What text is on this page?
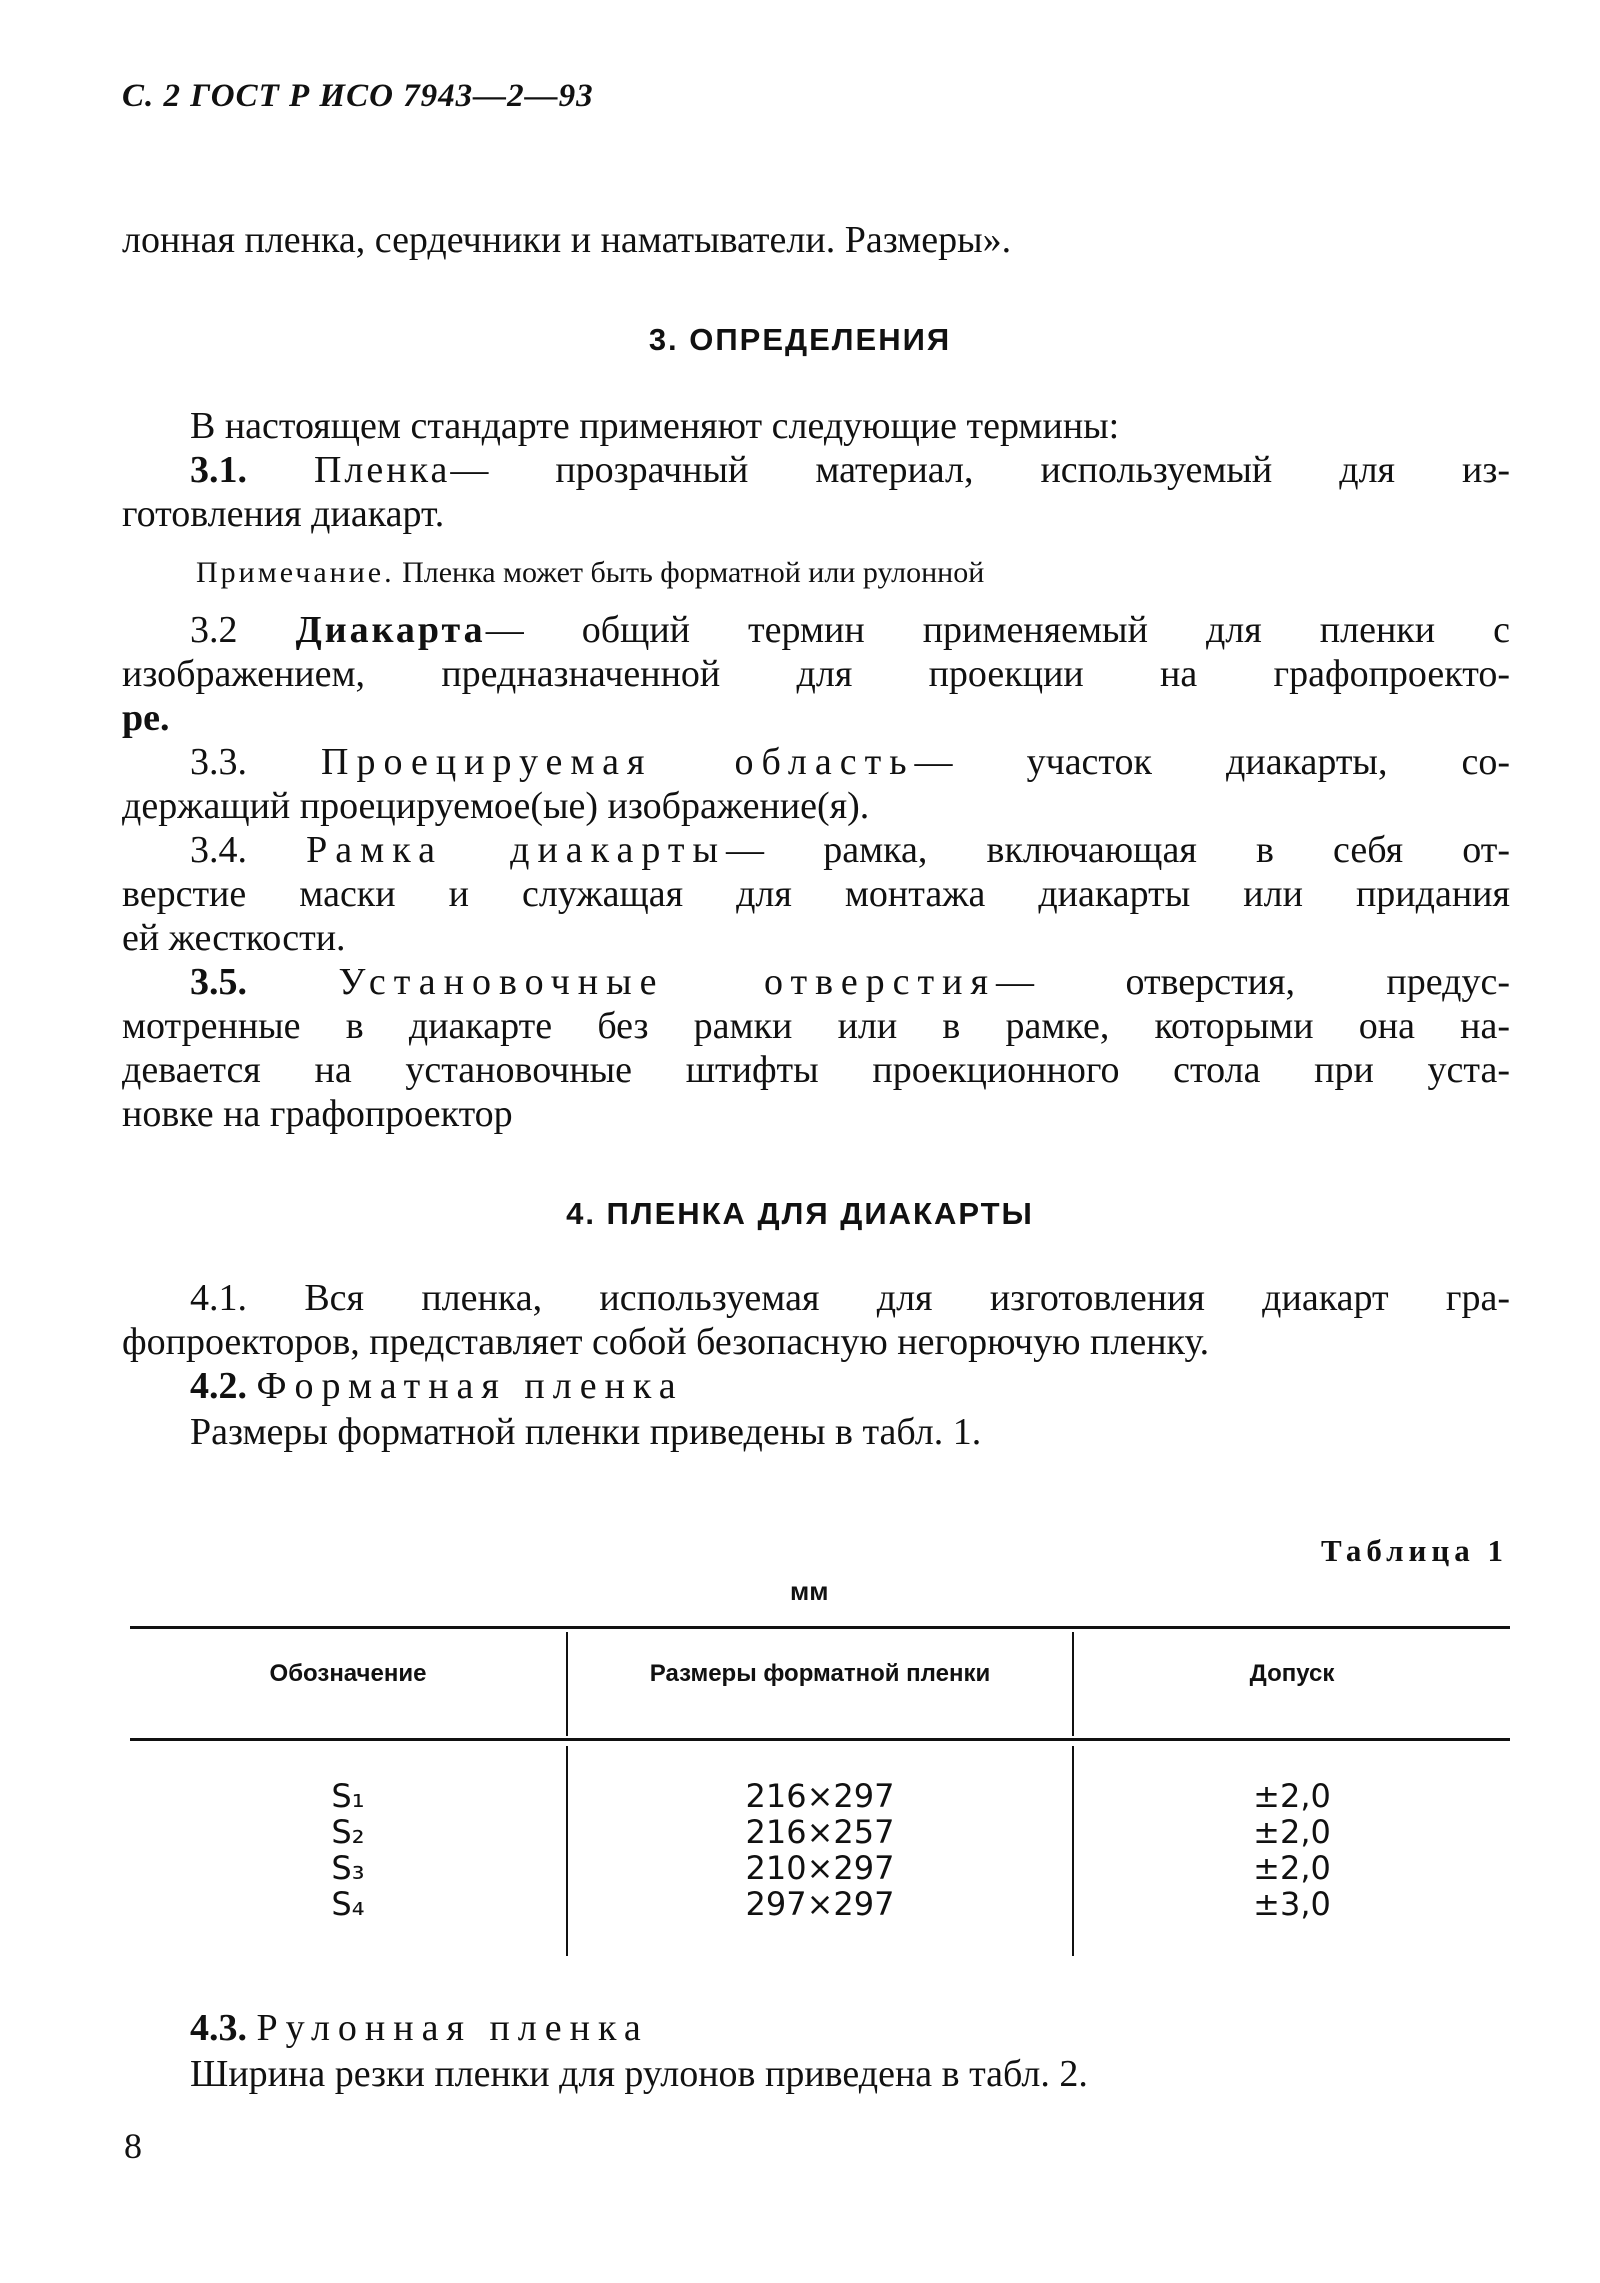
С. 2 ГОСТ Р ИСО 7943—2—93
лонная пленка, сердечники и наматыватели. Размеры».
3. ОПРЕДЕЛЕНИЯ
В настоящем стандарте применяют следующие термины:
3.1. Пленка— прозрачный материал, используемый для из-
готовления диакарт.
Примечание. Пленка может быть форматной или рулонной
3.2 Диакарта— общий термин применяемый для пленки с
изображением, предназначенной для проекции на графопроекто-
ре.
3.3. Проецируемая область— участок диакарты, со-
держащий проецируемое(ые) изображение(я).
3.4. Рамка диакарты— рамка, включающая в себя от-
верстие маски и служащая для монтажа диакарты или придания
ей жесткости.
3.5. Установочные отверстия— отверстия, предус-
мотренные в диакарте без рамки или в рамке, которыми она на-
девается на установочные штифты проекционного стола при уста-
новке на графопроектор
4. ПЛЕНКА ДЛЯ ДИАКАРТЫ
4.1. Вся пленка, используемая для изготовления диакарт гра-
фопроекторов, представляет собой безопасную негорючую пленку.
4.2. Форматная пленка
Размеры форматной пленки приведены в табл. 1.
Таблица 1
мм
Обозначение	Размеры форматной пленки	Допуск
S₁	216×297	±2,0
S₂	216×257	±2,0
S₃	210×297	±2,0
S₄	297×297	±3,0
4.3. Рулонная пленка
Ширина резки пленки для рулонов приведена в табл. 2.
8
